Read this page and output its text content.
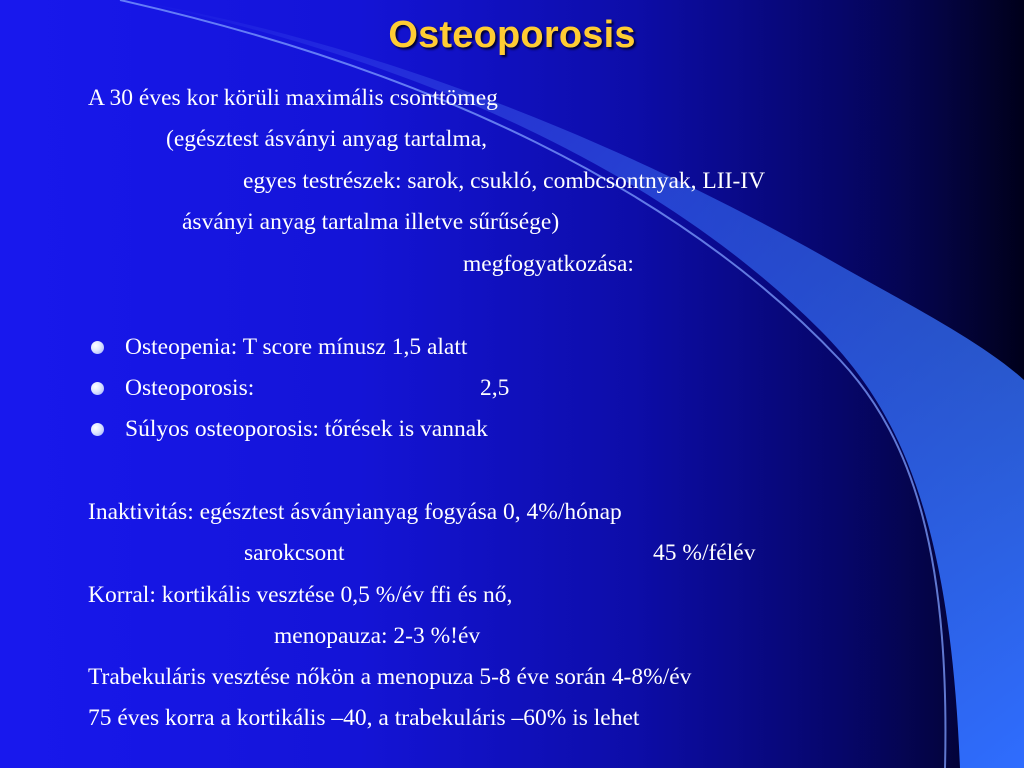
Osteoporosis
A 30 éves kor körüli maximális csonttömeg
(egésztest ásványi anyag tartalma,
egyes testrészek: sarok, csukló, combcsontnyak, LII-IV
ásványi anyag tartalma illetve sűrűsége)
megfogyatkozása:
Osteopenia: T score mínusz 1,5 alatt
Osteoporosis:	2,5
Súlyos osteoporosis: tőrések is vannak
Inaktivitás: egésztest ásványianyag fogyása 0, 4%/hónap
sarokcsont	45 %/félév
Korral: kortikális vesztése 0,5 %/év ffi és nő,
menopauza: 2-3 %!év
Trabekuláris vesztése nőkön a menopuza 5-8 éve során 4-8%/év
75 éves korra a kortikális –40, a trabekuláris –60% is lehet
